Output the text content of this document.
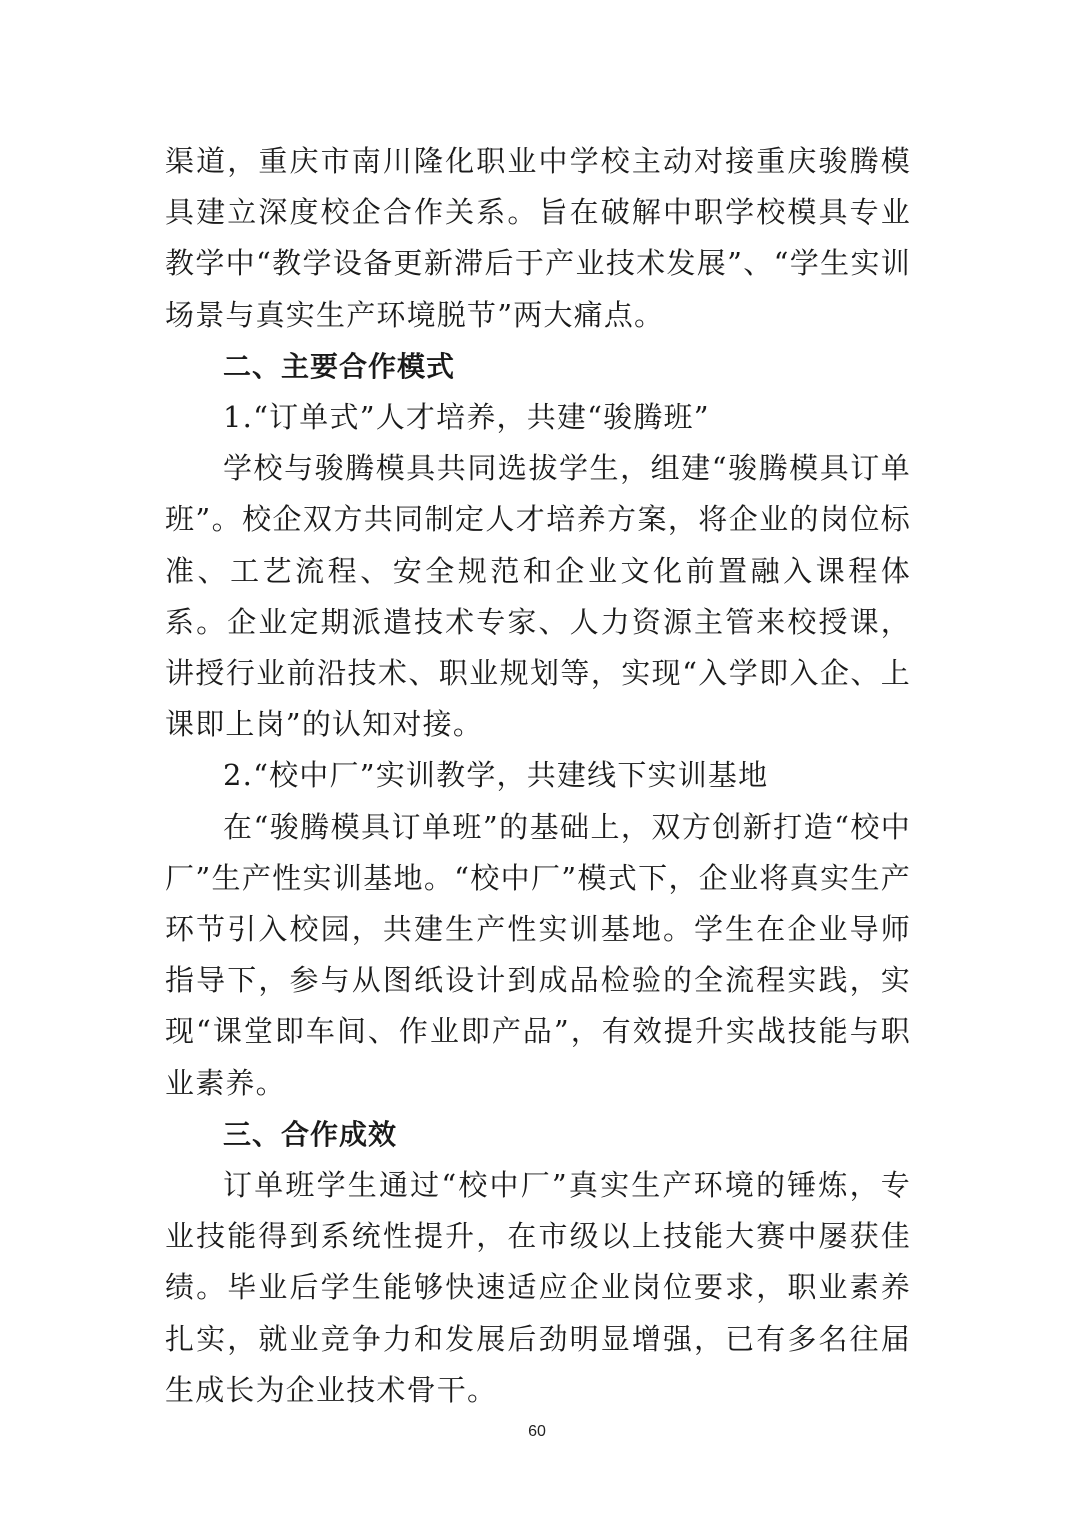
渠道，重庆市南川隆化职业中学校主动对接重庆骏腾模具建立深度校企合作关系。旨在破解中职学校模具专业教学中“教学设备更新滞后于产业技术发展”、“学生实训场景与真实生产环境脱节”两大痛点。

二、主要合作模式

1.“订单式”人才培养，共建“骏腾班”

学校与骏腾模具共同选拔学生，组建“骏腾模具订单班”。校企双方共同制定人才培养方案，将企业的岗位标准、工艺流程、安全规范和企业文化前置融入课程体系。企业定期派遣技术专家、人力资源主管来校授课，讲授行业前沿技术、职业规划等，实现“入学即入企、上课即上岗”的认知对接。

2.“校中厂”实训教学，共建线下实训基地

在“骏腾模具订单班”的基础上，双方创新打造“校中厂”生产性实训基地。“校中厂”模式下，企业将真实生产环节引入校园，共建生产性实训基地。学生在企业导师指导下，参与从图纸设计到成品检验的全流程实践，实现“课堂即车间、作业即产品”，有效提升实战技能与职业素养。

三、合作成效

订单班学生通过“校中厂”真实生产环境的锤炼，专业技能得到系统性提升，在市级以上技能大赛中屡获佳绩。毕业后学生能够快速适应企业岗位要求，职业素养扎实，就业竞争力和发展后劲明显增强，已有多名往届生成长为企业技术骨干。

60
